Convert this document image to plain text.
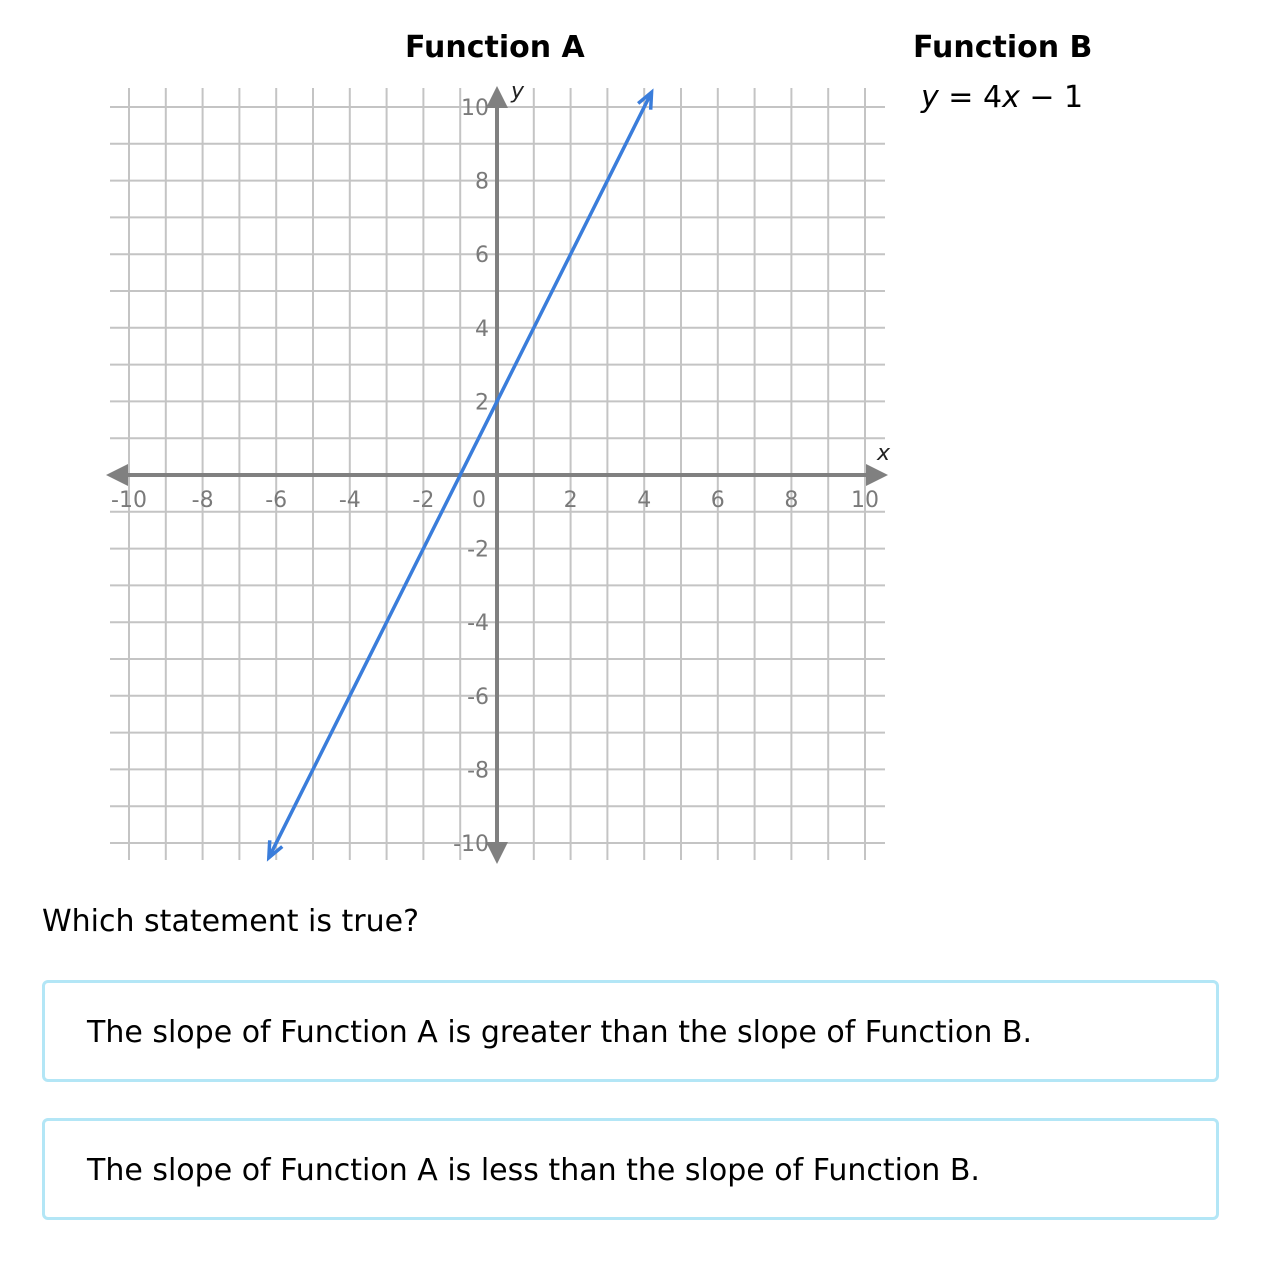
Function A	Function B
y = 4x − 1
-10 -8 -6 -4 -2 0	2	4	6	8 10
10
8
6
4
2
-2
-4
-6
-8
-10
x
y
Which statement is true?
The slope of Function A is greater than the slope of Function B.
The slope of Function A is less than the slope of Function B.
